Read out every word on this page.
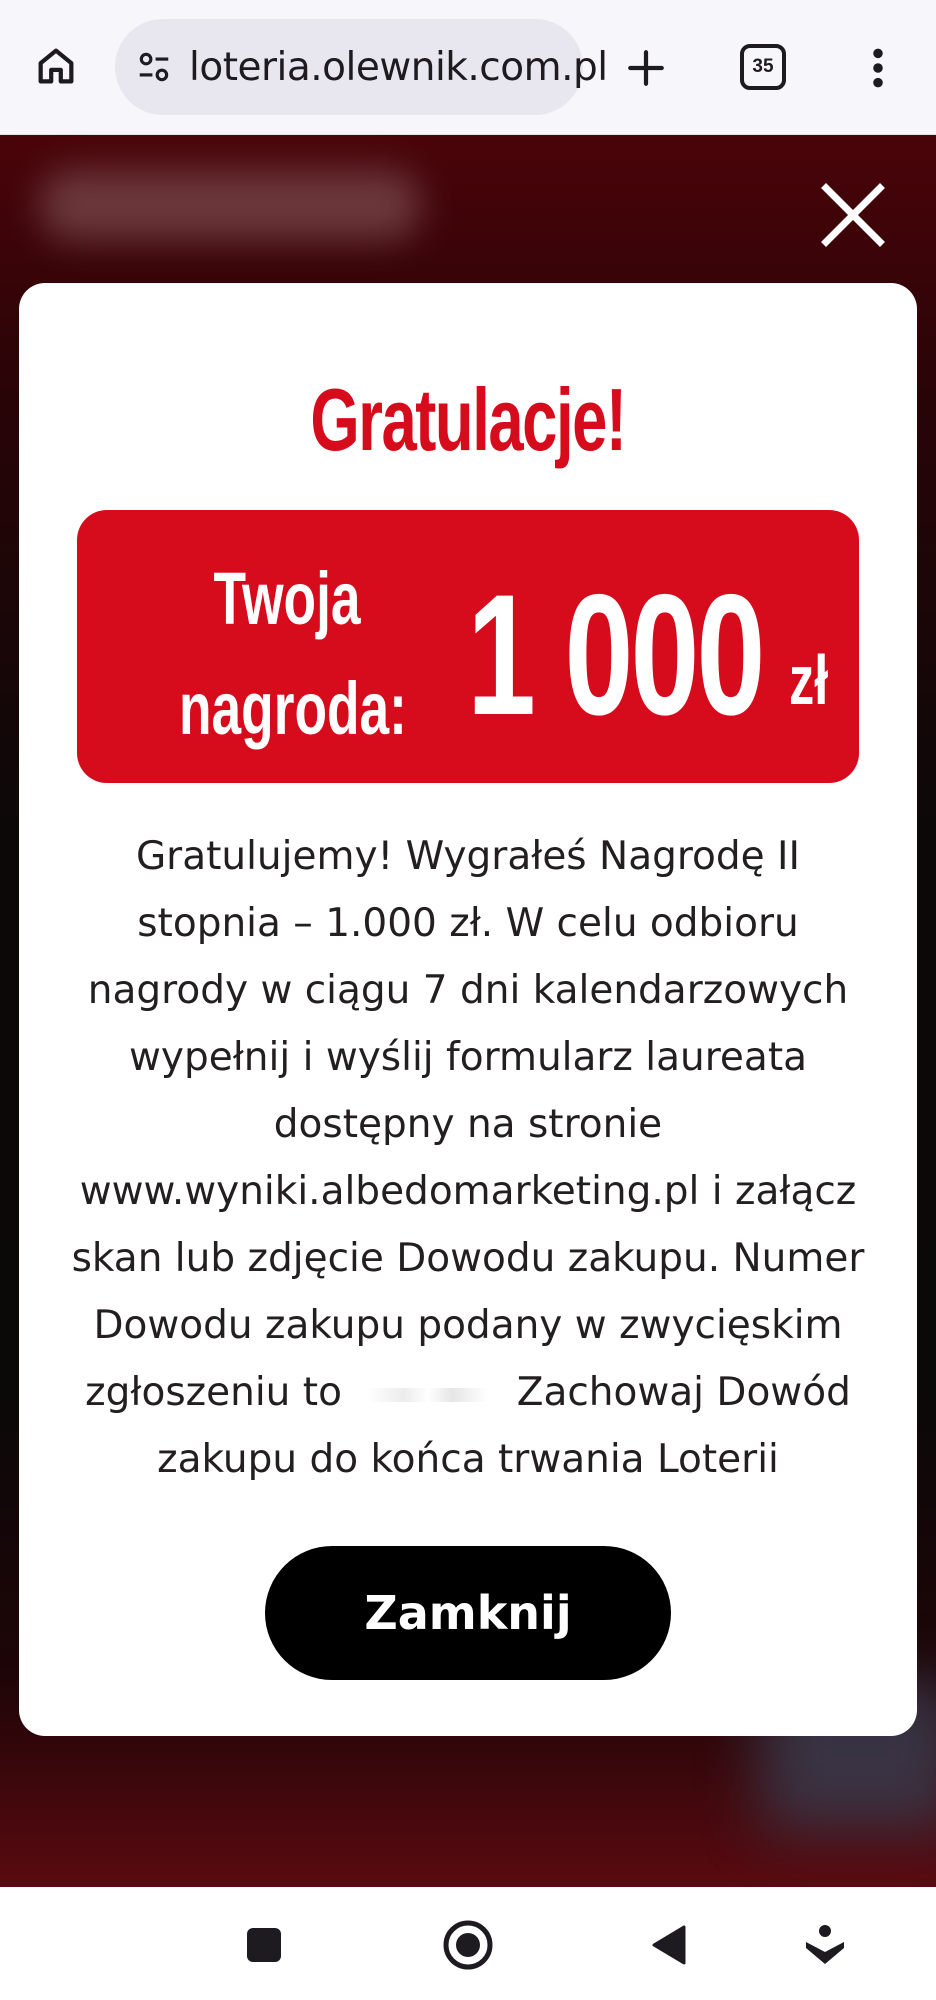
loteria.olewnik.com.pl	35
Gratulacje!
Twoja
nagroda: 1 000 zł
Gratulujemy! Wygrałeś Nagrodę II
stopnia – 1.000 zł. W celu odbioru
nagrody w ciągu 7 dni kalendarzowych
wypełnij i wyślij formularz laureata
dostępny na stronie
www.wyniki.albedomarketing.pl i załącz
skan lub zdjęcie Dowodu zakupu. Numer
Dowodu zakupu podany w zwycięskim
zgłoszeniu to	Zachowaj Dowód
zakupu do końca trwania Loterii
Zamknij
